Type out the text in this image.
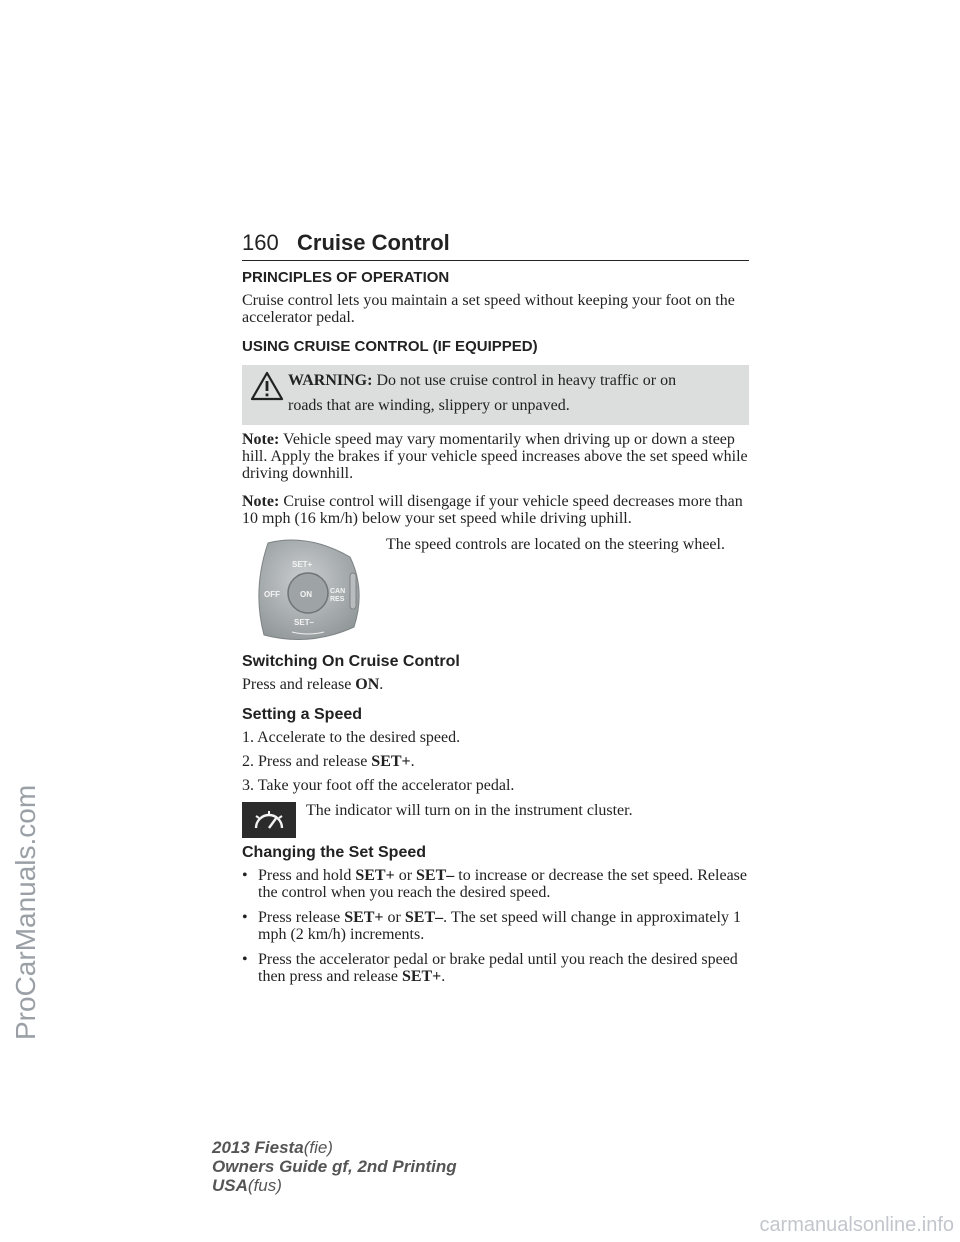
160 Cruise Control
PRINCIPLES OF OPERATION

Cruise control lets you maintain a set speed without keeping your foot on the accelerator pedal.

USING CRUISE CONTROL (IF EQUIPPED)
WARNING: Do not use cruise control in heavy traffic or on
roads that are winding, slippery or unpaved.

Note: Vehicle speed may vary momentarily when driving up or down a steep hill. Apply the brakes if your vehicle speed increases above the set speed while driving downhill.

Note: Cruise control will disengage if your vehicle speed decreases more than 10 mph (16 km/h) below your set speed while driving uphill.

SET+
OFF	ON	CAN
RES
SET–
The speed controls are located on the steering wheel.
Switching On Cruise Control

Press and release ON.

Setting a Speed

1. Accelerate to the desired speed.

2. Press and release SET+.

3. Take your foot off the accelerator pedal.

The indicator will turn on in the instrument cluster.
Changing the Set Speed
• Press and hold SET+ or SET– to increase or decrease the set speed. Release the control when you reach the desired speed.
• Press release SET+ or SET–. The set speed will change in approximately 1 mph (2 km/h) increments.
• Press the accelerator pedal or brake pedal until you reach the desired speed then press and release SET+.
2013 Fiesta(fie)
Owners Guide gf, 2nd Printing
USA(fus)
ProCarManuals.com
carmanualsonline.info
